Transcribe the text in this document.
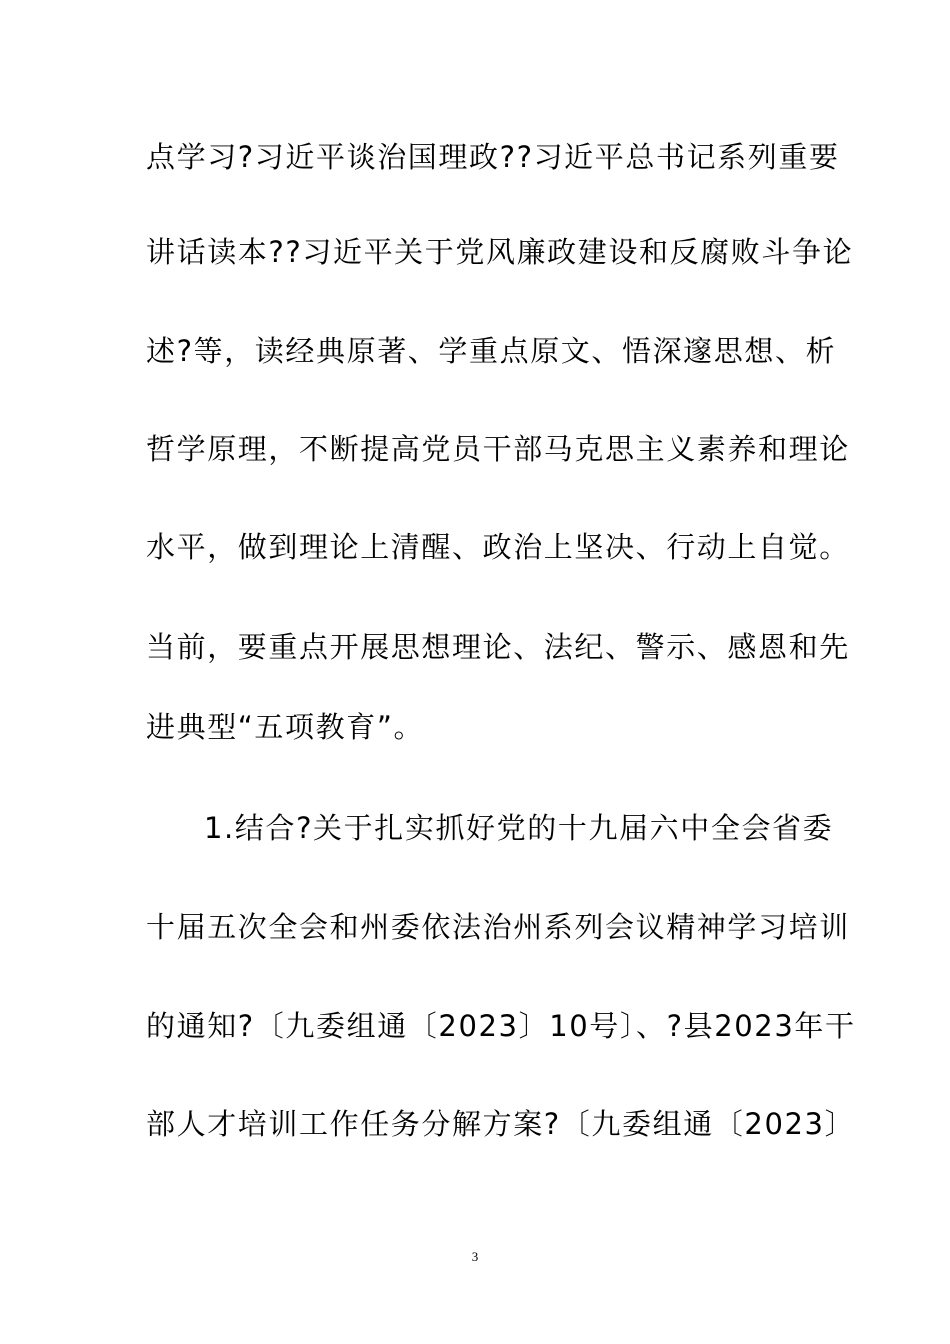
点学习?习近平谈治国理政??习近平总书记系列重要
讲话读本??习近平关于党风廉政建设和反腐败斗争论
述?等，读经典原著、学重点原文、悟深邃思想、析
哲学原理，不断提高党员干部马克思主义素养和理论
水平，做到理论上清醒、政治上坚决、行动上自觉。
当前，要重点开展思想理论、法纪、警示、感恩和先
进典型“五项教育”。
1.结合?关于扎实抓好党的十九届六中全会省委
十届五次全会和州委依法治州系列会议精神学习培训
的通知?〔九委组通〔2023〕10号〕、?县2023年干
部人才培训工作任务分解方案?〔九委组通〔2023〕
3
